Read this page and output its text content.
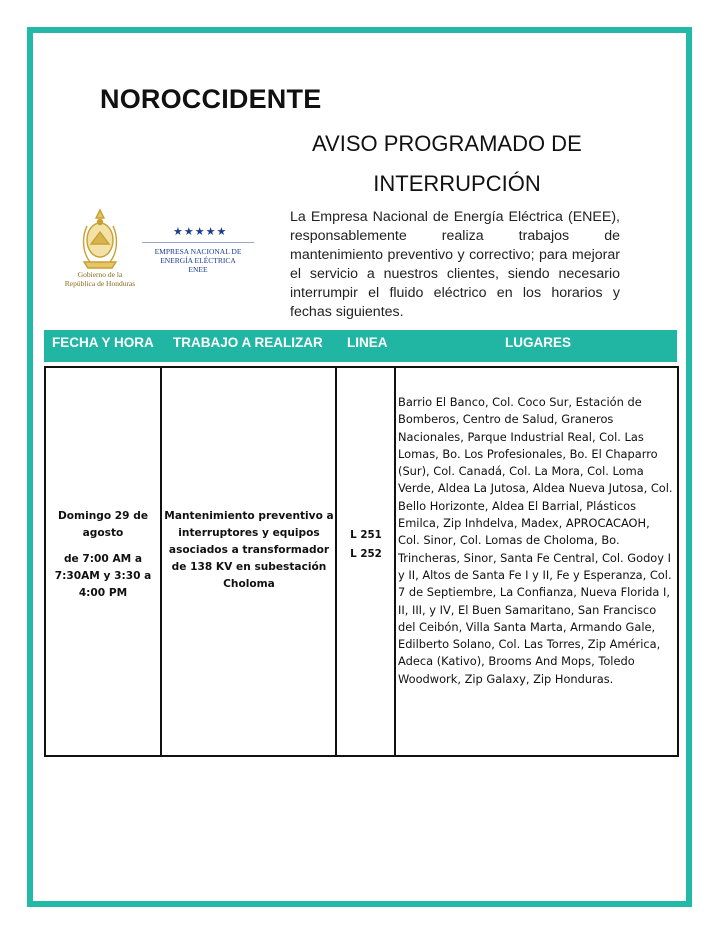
NOROCCIDENTE
AVISO PROGRAMADO DE
INTERRUPCIÓN
Gobierno de la
República de Honduras
★★★★★
EMPRESA NACIONAL DE
ENERGÍA ELÉCTRICA
ENEE
La Empresa Nacional de Energía Eléctrica (ENEE), responsablemente realiza trabajos de mantenimiento preventivo y correctivo; para mejorar el servicio a nuestros clientes, siendo necesario interrumpir el fluido eléctrico en los horarios y fechas siguientes.
FECHA Y HORA TRABAJO A REALIZAR LINEA	LUGARES
Domingo 29 de
agosto
de 7:00 AM a
7:30AM y 3:30 a
4:00 PM
Mantenimiento preventivo a interruptores y equipos asociados a transformador de 138 KV en subestación Choloma
L 251
L 252
Barrio El Banco, Col. Coco Sur, Estación de Bomberos, Centro de Salud, Graneros Nacionales, Parque Industrial Real, Col. Las Lomas, Bo. Los Profesionales, Bo. El Chaparro (Sur), Col. Canadá, Col. La Mora, Col. Loma Verde, Aldea La Jutosa, Aldea Nueva Jutosa, Col. Bello Horizonte, Aldea El Barrial, Plásticos Emilca, Zip Inhdelva, Madex, APROCACAOH, Col. Sinor, Col. Lomas de Choloma, Bo. Trincheras, Sinor, Santa Fe Central, Col. Godoy I y II, Altos de Santa Fe I y II, Fe y Esperanza, Col. 7 de Septiembre, La Confianza, Nueva Florida I, II, III, y IV, El Buen Samaritano, San Francisco del Ceibón, Villa Santa Marta, Armando Gale, Edilberto Solano, Col. Las Torres, Zip América, Adeca (Kativo), Brooms And Mops, Toledo Woodwork, Zip Galaxy, Zip Honduras.
